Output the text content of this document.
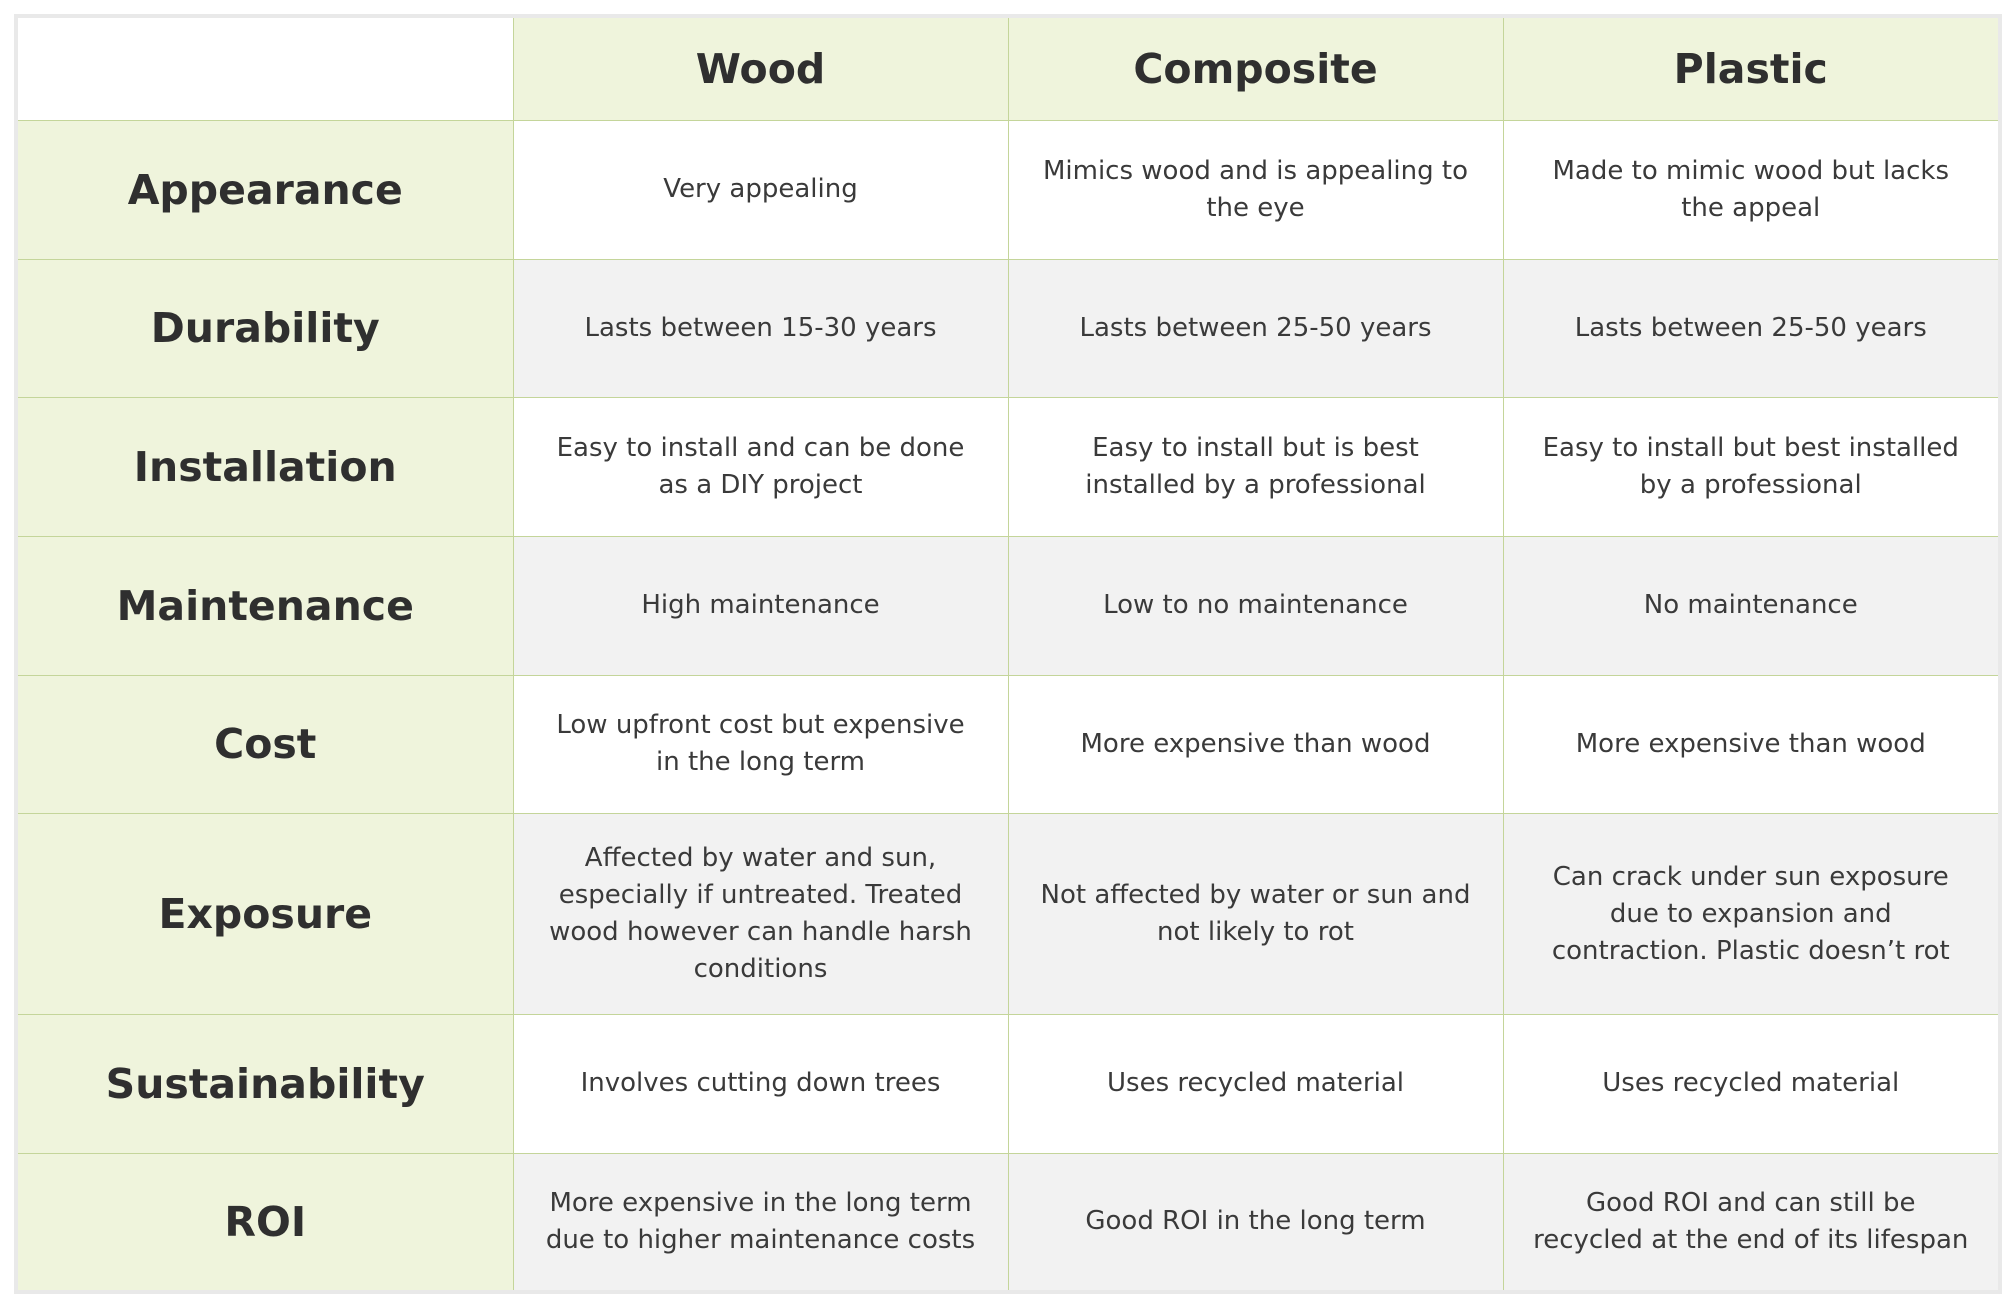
	Wood	Composite	Plastic
Appearance	Very appealing	Mimics wood and is appealing to the eye	Made to mimic wood but lacks the appeal
Durability	Lasts between 15-30 years	Lasts between 25-50 years	Lasts between 25-50 years
Installation	Easy to install and can be done as a DIY project	Easy to install but is best installed by a professional	Easy to install but best installed by a professional
Maintenance	High maintenance	Low to no maintenance	No maintenance
Cost	Low upfront cost but expensive in the long term	More expensive than wood	More expensive than wood
Exposure	Affected by water and sun, especially if untreated. Treated wood however can handle harsh conditions	Not affected by water or sun and not likely to rot	Can crack under sun exposure due to expansion and contraction. Plastic doesn’t rot
Sustainability	Involves cutting down trees	Uses recycled material	Uses recycled material
ROI	More expensive in the long term due to higher maintenance costs	Good ROI in the long term	Good ROI and can still be recycled at the end of its lifespan
